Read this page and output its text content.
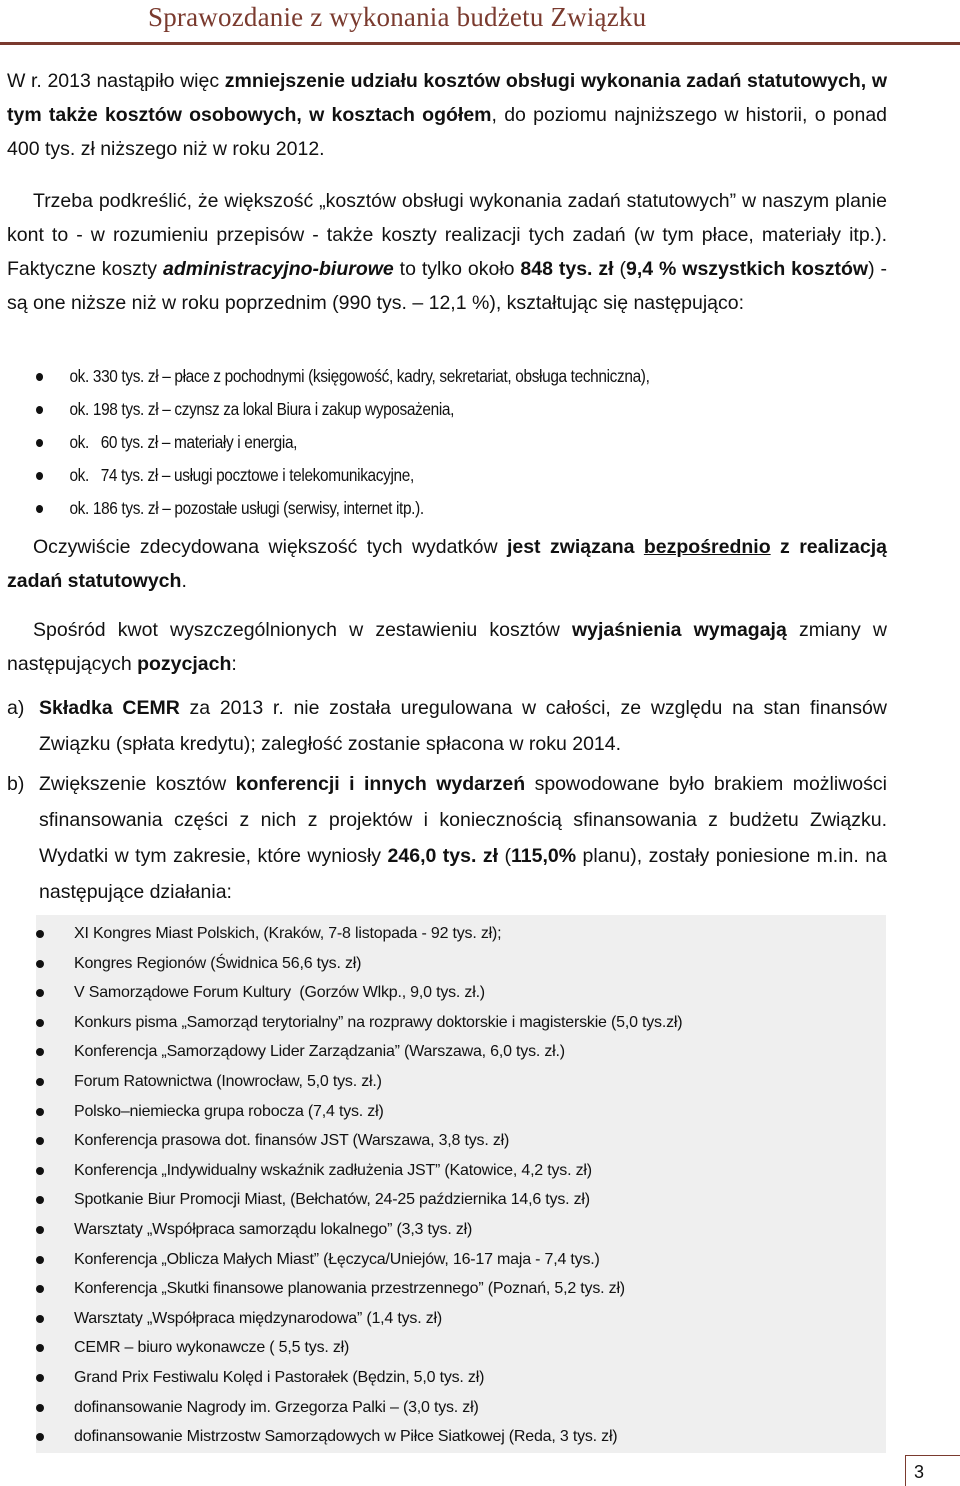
Sprawozdanie z wykonania budżetu Związku

W r. 2013 nastąpiło więc zmniejszenie udziału kosztów obsługi wykonania zadań statutowych, w tym także kosztów osobowych, w kosztach ogółem, do poziomu najniższego w historii, o ponad 400 tys. zł niższego niż w roku 2012.

Trzeba podkreślić, że większość „kosztów obsługi wykonania zadań statutowych” w naszym planie kont to - w rozumieniu przepisów - także koszty realizacji tych zadań (w tym płace, materiały itp.). Faktyczne koszty administracyjno-biurowe to tylko około 848 tys. zł (9,4 % wszystkich kosztów) - są one niższe niż w roku poprzednim (990 tys. – 12,1 %), kształtując się następująco:

ok. 330 tys. zł – płace z pochodnymi (księgowość, kadry, sekretariat, obsługa techniczna),
ok. 198 tys. zł – czynsz za lokal Biura i zakup wyposażenia,
ok.   60 tys. zł – materiały i energia,
ok.   74 tys. zł – usługi pocztowe i telekomunikacyjne,
ok. 186 tys. zł – pozostałe usługi (serwisy, internet itp.).

Oczywiście zdecydowana większość tych wydatków jest związana bezpośrednio z realizacją zadań statutowych.

Spośród kwot wyszczególnionych w zestawieniu kosztów wyjaśnienia wymagają zmiany w następujących pozycjach:

a) Składka CEMR za 2013 r. nie została uregulowana w całości, ze względu na stan finansów Związku (spłata kredytu); zaległość zostanie spłacona w roku 2014.
b) Zwiększenie kosztów konferencji i innych wydarzeń spowodowane było brakiem możliwości sfinansowania części z nich z projektów i koniecznością sfinansowania z budżetu Związku. Wydatki w tym zakresie, które wyniosły 246,0 tys. zł (115,0% planu), zostały poniesione m.in. na następujące działania:
XI Kongres Miast Polskich, (Kraków, 7-8 listopada - 92 tys. zł);
Kongres Regionów (Świdnica 56,6 tys. zł)
V Samorządowe Forum Kultury  (Gorzów Wlkp., 9,0 tys. zł.)
Konkurs pisma „Samorząd terytorialny” na rozprawy doktorskie i magisterskie (5,0 tys.zł)
Konferencja „Samorządowy Lider Zarządzania” (Warszawa, 6,0 tys. zł.)
Forum Ratownictwa (Inowrocław, 5,0 tys. zł.)
Polsko–niemiecka grupa robocza (7,4 tys. zł)
Konferencja prasowa dot. finansów JST (Warszawa, 3,8 tys. zł)
Konferencja „Indywidualny wskaźnik zadłużenia JST” (Katowice, 4,2 tys. zł)
Spotkanie Biur Promocji Miast, (Bełchatów, 24-25 października 14,6 tys. zł)
Warsztaty „Współpraca samorządu lokalnego” (3,3 tys. zł)
Konferencja „Oblicza Małych Miast” (Łęczyca/Uniejów, 16-17 maja - 7,4 tys.)
Konferencja „Skutki finansowe planowania przestrzennego” (Poznań, 5,2 tys. zł)
Warsztaty „Współpraca międzynarodowa” (1,4 tys. zł)
CEMR – biuro wykonawcze ( 5,5 tys. zł)
Grand Prix Festiwalu Kolęd i Pastorałek (Będzin, 5,0 tys. zł)
dofinansowanie Nagrody im. Grzegorza Palki – (3,0 tys. zł)
dofinansowanie Mistrzostw Samorządowych w Piłce Siatkowej (Reda, 3 tys. zł)
3
